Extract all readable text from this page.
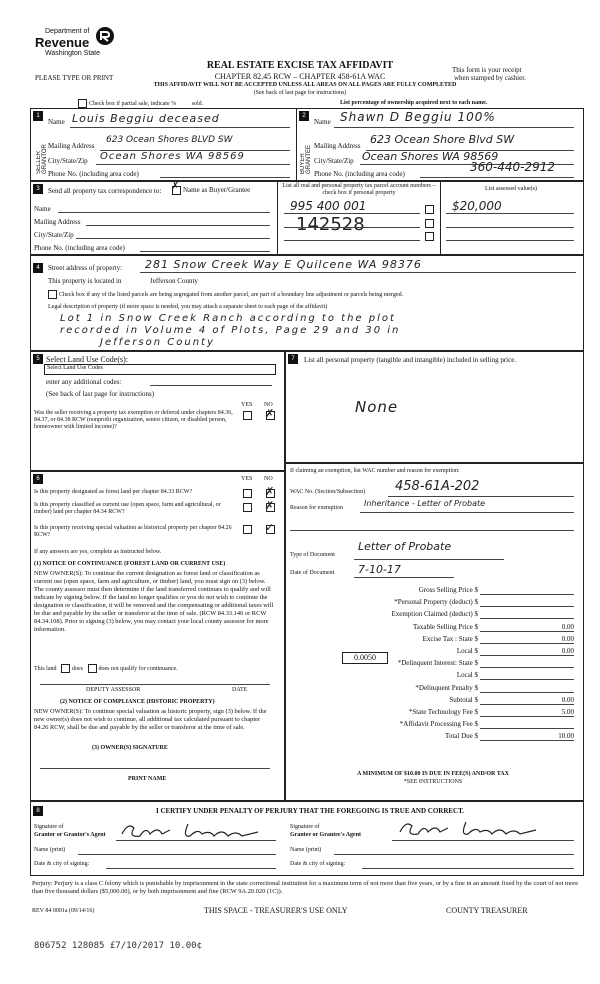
Department of
Revenue
Washington State
PLEASE TYPE OR PRINT
REAL ESTATE EXCISE TAX AFFIDAVIT
CHAPTER 82.45 RCW – CHAPTER 458-61A WAC
THIS AFFIDAVIT WILL NOT BE ACCEPTED UNLESS ALL AREAS ON ALL PAGES ARE FULLY COMPLETED
(See back of last page for instructions)
This form is your receipt
when stamped by cashier.
Check box if partial sale, indicate %	sold.	List percentage of ownership acquired next to each name.
1
SELLER GRANTOR
Name Louis Beggiu deceased
Mailing Address
623 Ocean Shores BLVD SW
City/State/Zip Ocean Shores WA 98569
Phone No. (including area code)
2
BUYER GRANTEE
Name Shawn D Beggiu 100%
Mailing Address 623 Ocean Shore Blvd SW
City/State/Zip Ocean Shores WA 98569
Phone No. (including area code)	360-440-2912
3	Send all property tax correspondence to: ✗ Name as Buyer/Grantee
Name
Mailing Address
City/State/Zip
Phone No. (including area code)
List all real and personal property tax parcel account numbers – check box if personal property
List assessed value(s)
995 400 001	$20,000
142528
4	Street address of property: 281 Snow Creek Way E Quilcene WA 98376
This property is located in	Jefferson County
Check box if any of the listed parcels are being segregated from another parcel, are part of a boundary line adjustment or parcels being merged.
Legal description of property (if more space is needed, you may attach a separate sheet to each page of the affidavit)
Lot 1 in Snow Creek Ranch according to the plot
recorded in Volume 4 of Plots, Page 29 and 30 in
Jefferson County
5 Select Land Use Code(s):
Select Land Use Codes
enter any additional codes:
(See back of last page for instructions)
YES NO
Was the seller receiving a property tax exemption or deferral under chapters 84.36, 84.37, or 84.38 RCW (nonprofit organization, senior citizen, or disabled person, homeowner with limited income)?
✗
7	List all personal property (tangible and intangible) included in selling price.
None
6	YES NO
Is this property designated as forest land per chapter 84.33 RCW?	✗
Is this property classified as current use (open space, farm and agricultural, or timber) land per chapter 84.34 RCW?	✗
Is this property receiving special valuation as historical property per chapter 84.26 RCW?
✓
If any answers are yes, complete as instructed below.
(1) NOTICE OF CONTINUANCE (FOREST LAND OR CURRENT USE)
NEW OWNER(S): To continue the current designation as forest land or classification as current use (open space, farm and agriculture, or timber) land, you must sign on (3) below. The county assessor must then determine if the land transferred continues to qualify and will indicate by signing below. If the land no longer qualifies or you do not wish to continue the designation or classification, it will be removed and the compensating or additional taxes will be due and payable by the seller or transferor at the time of sale. (RCW 84.33.140 or RCW 84.34.108). Prior to signing (3) below, you may contact your local county assessor for more information.
This land	does	does not qualify for continuance.
DEPUTY ASSESSOR	DATE
(2) NOTICE OF COMPLIANCE (HISTORIC PROPERTY)
NEW OWNER(S): To continue special valuation as historic property, sign (3) below. If the new owner(s) does not wish to continue, all additional tax calculated pursuant to chapter 84.26 RCW, shall be due and payable by the seller or transferor at the time of sale.
(3) OWNER(S) SIGNATURE
PRINT NAME
If claiming an exemption, list WAC number and reason for exemption:
WAC No. (Section/Subsection) 458-61A-202
Reason for exemption	Inheritance - Letter of Probate
Type of Document
Letter of Probate
Date of Document 7-10-17
Gross Selling Price $
*Personal Property (deduct) $
Exemption Claimed (deduct) $
Taxable Selling Price $	0.00
Excise Tax : State $	0.00
Local $	0.00
*Delinquent Interest: State $
Local $
*Delinquent Penalty $
Subtotal $	0.00
*State Technology Fee $	5.00
*Affidavit Processing Fee $
Total Due $	10.00
0.0050
A MINIMUM OF $10.00 IS DUE IN FEE(S) AND/OR TAX
*SEE INSTRUCTIONS
8	I CERTIFY UNDER PENALTY OF PERJURY THAT THE FOREGOING IS TRUE AND CORRECT.
Signature of
Grantor or Grantor's Agent
Name (print)
Date & city of signing:
Signature of
Grantee or Grantee's Agent
Name (print)
Date & city of signing:
Perjury: Perjury is a class C felony which is punishable by imprisonment in the state correctional institution for a maximum term of not more than five years, or by a fine in an amount fixed by the court of not more than five thousand dollars ($5,000.00), or by both imprisonment and fine (RCW 9A.20.020 (1C)).
REV 84 0001a (09/14/16)	THIS SPACE - TREASURER'S USE ONLY	COUNTY TREASURER
806752 128085 £7/10/2017 10.00¢
